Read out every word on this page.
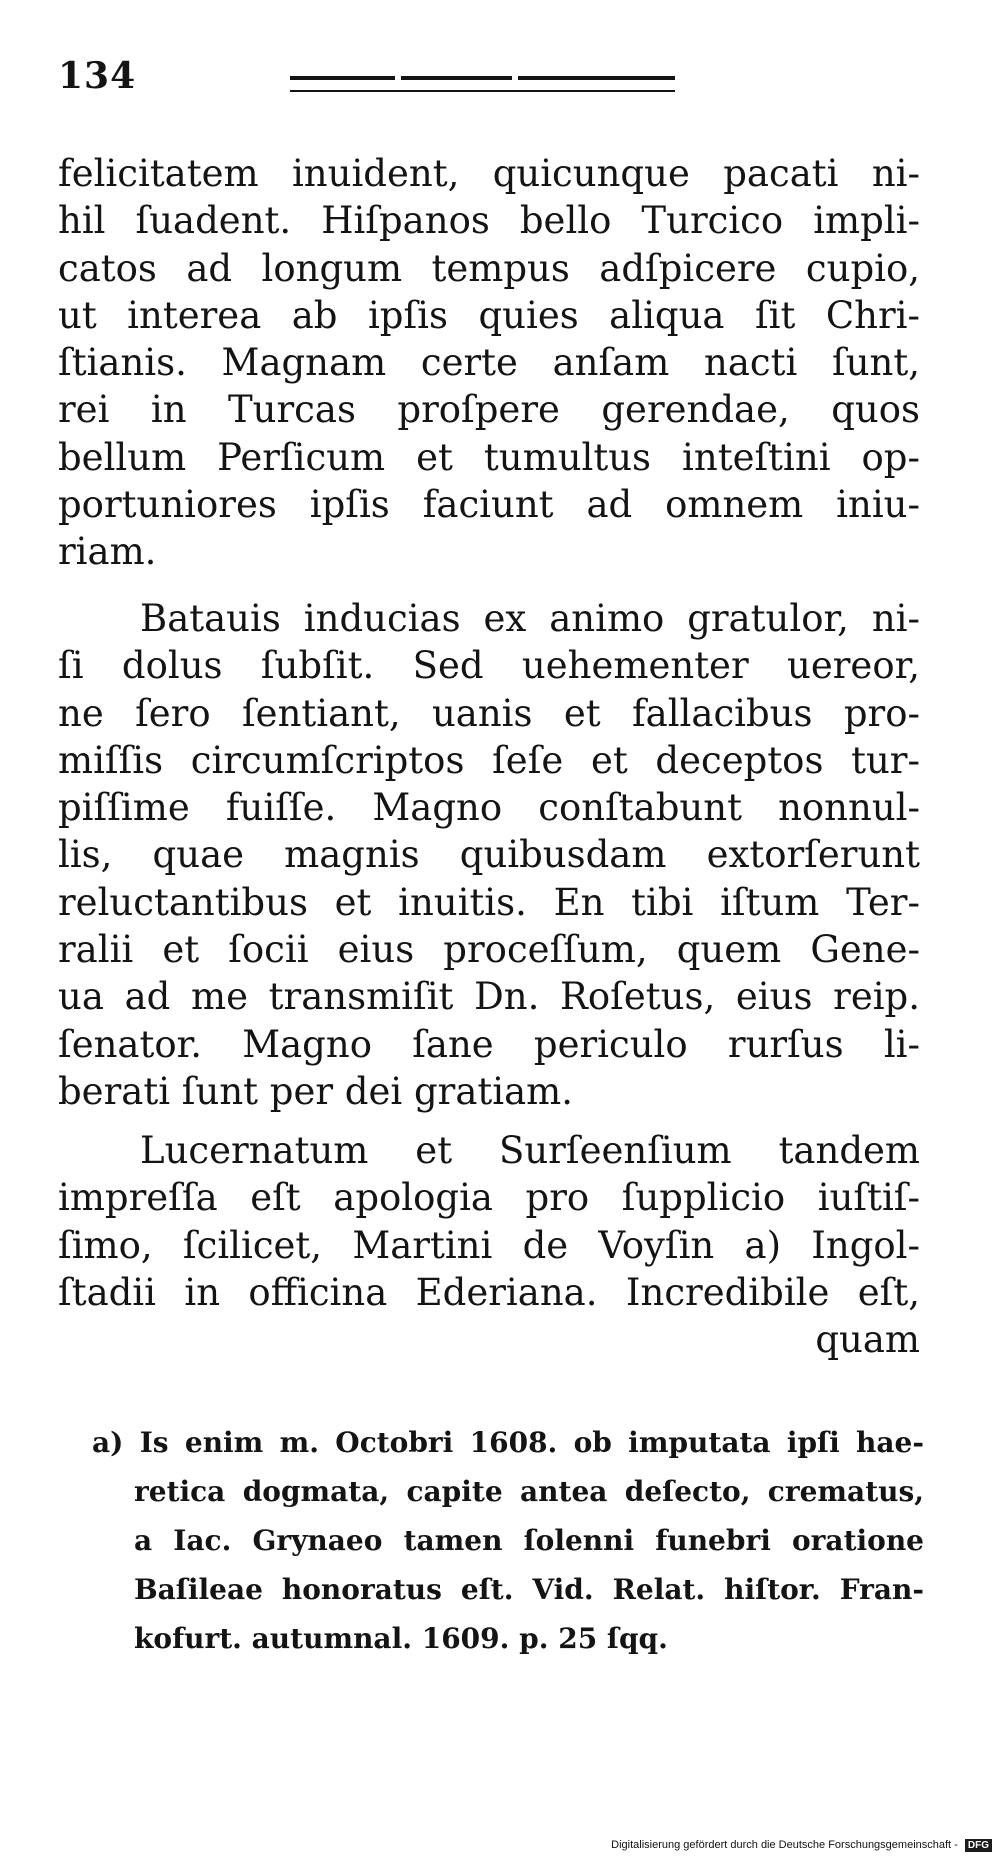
134
felicitatem inuident, quicunque pacati ni-
hil ſuadent. Hiſpanos bello Turcico impli-
catos ad longum tempus adſpicere cupio,
ut interea ab ipſis quies aliqua ſit Chri-
ſtianis. Magnam certe anſam nacti ſunt,
rei in Turcas proſpere gerendae, quos
bellum Perſicum et tumultus inteſtini op-
portuniores ipſis faciunt ad omnem iniu-
riam.
Batauis inducias ex animo gratulor, ni-
ſi dolus ſubſit. Sed uehementer uereor,
ne ſero ſentiant, uanis et fallacibus pro-
miſſis circumſcriptos ſeſe et deceptos tur-
piſſime fuiſſe. Magno conſtabunt nonnul-
lis, quae magnis quibusdam extorſerunt
reluctantibus et inuitis. En tibi iſtum Ter-
ralii et ſocii eius proceſſum, quem Gene-
ua ad me transmiſit Dn. Roſetus, eius reip.
ſenator. Magno ſane periculo rurſus li-
berati ſunt per dei gratiam.
Lucernatum et Surſeenſium tandem
impreſſa eſt apologia pro ſupplicio iuſtiſ-
ſimo, ſcilicet, Martini de Voyſin a) Ingol-
ſtadii in officina Ederiana. Incredibile eſt,
quam
a) Is enim m. Octobri 1608. ob imputata ipſi hae-
retica dogmata, capite antea deſecto, crematus,
a Iac. Grynaeo tamen ſolenni funebri oratione
Baſileae honoratus eſt. Vid. Relat. hiſtor. Fran-
kofurt. autumnal. 1609. p. 25 ſqq.
Digitalisierung gefördert durch die Deutsche Forschungsgemeinschaft - DFG
